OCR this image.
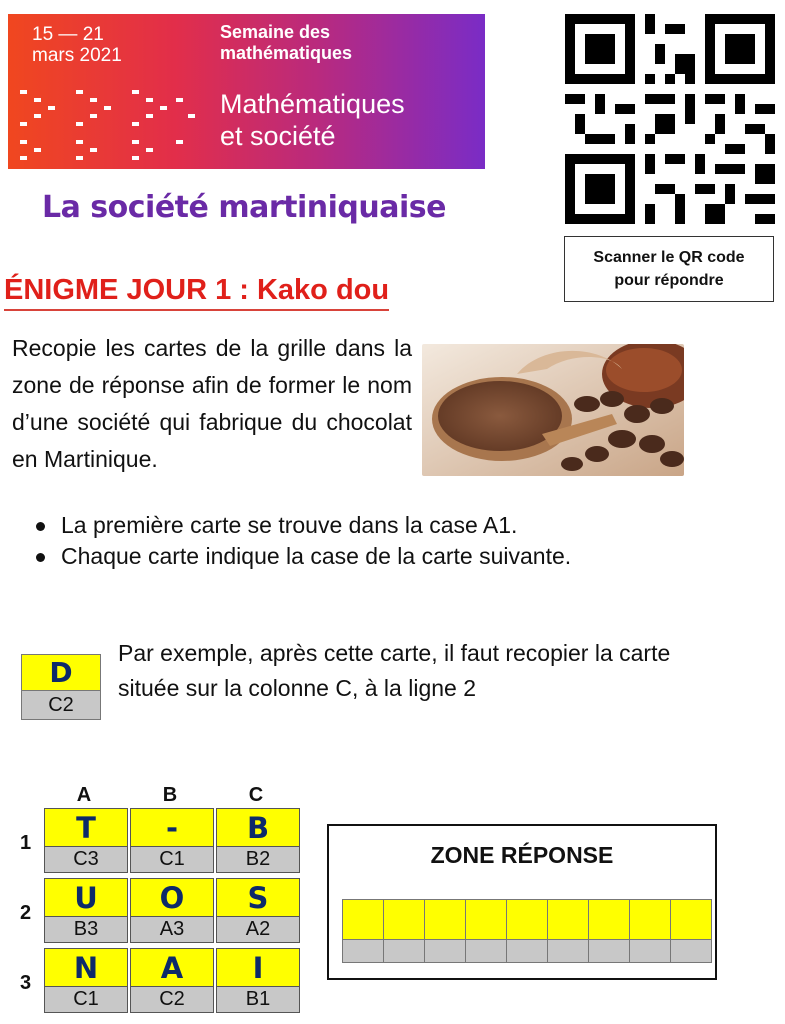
15 — 21
mars 2021
Semaine des
mathématiques
Mathématiques
et société
La société martiniquaise
Scanner le QR code
pour répondre
ÉNIGME JOUR 1 : Kako dou
Recopie les cartes de la grille dans la zone de réponse afin de former le nom d’une société qui fabrique du chocolat en Martinique.
La première carte se trouve dans la case A1.
Chaque carte indique la case de la carte suivante.
D
C2
Par exemple, après cette carte, il faut recopier la carte située sur la colonne C, à la ligne 2
A	B	C
1
2
3
T
C3
-
C1
B
B2
U
B3
O
A3
S
A2
N
C1
A
C2
I
B1
ZONE RÉPONSE
